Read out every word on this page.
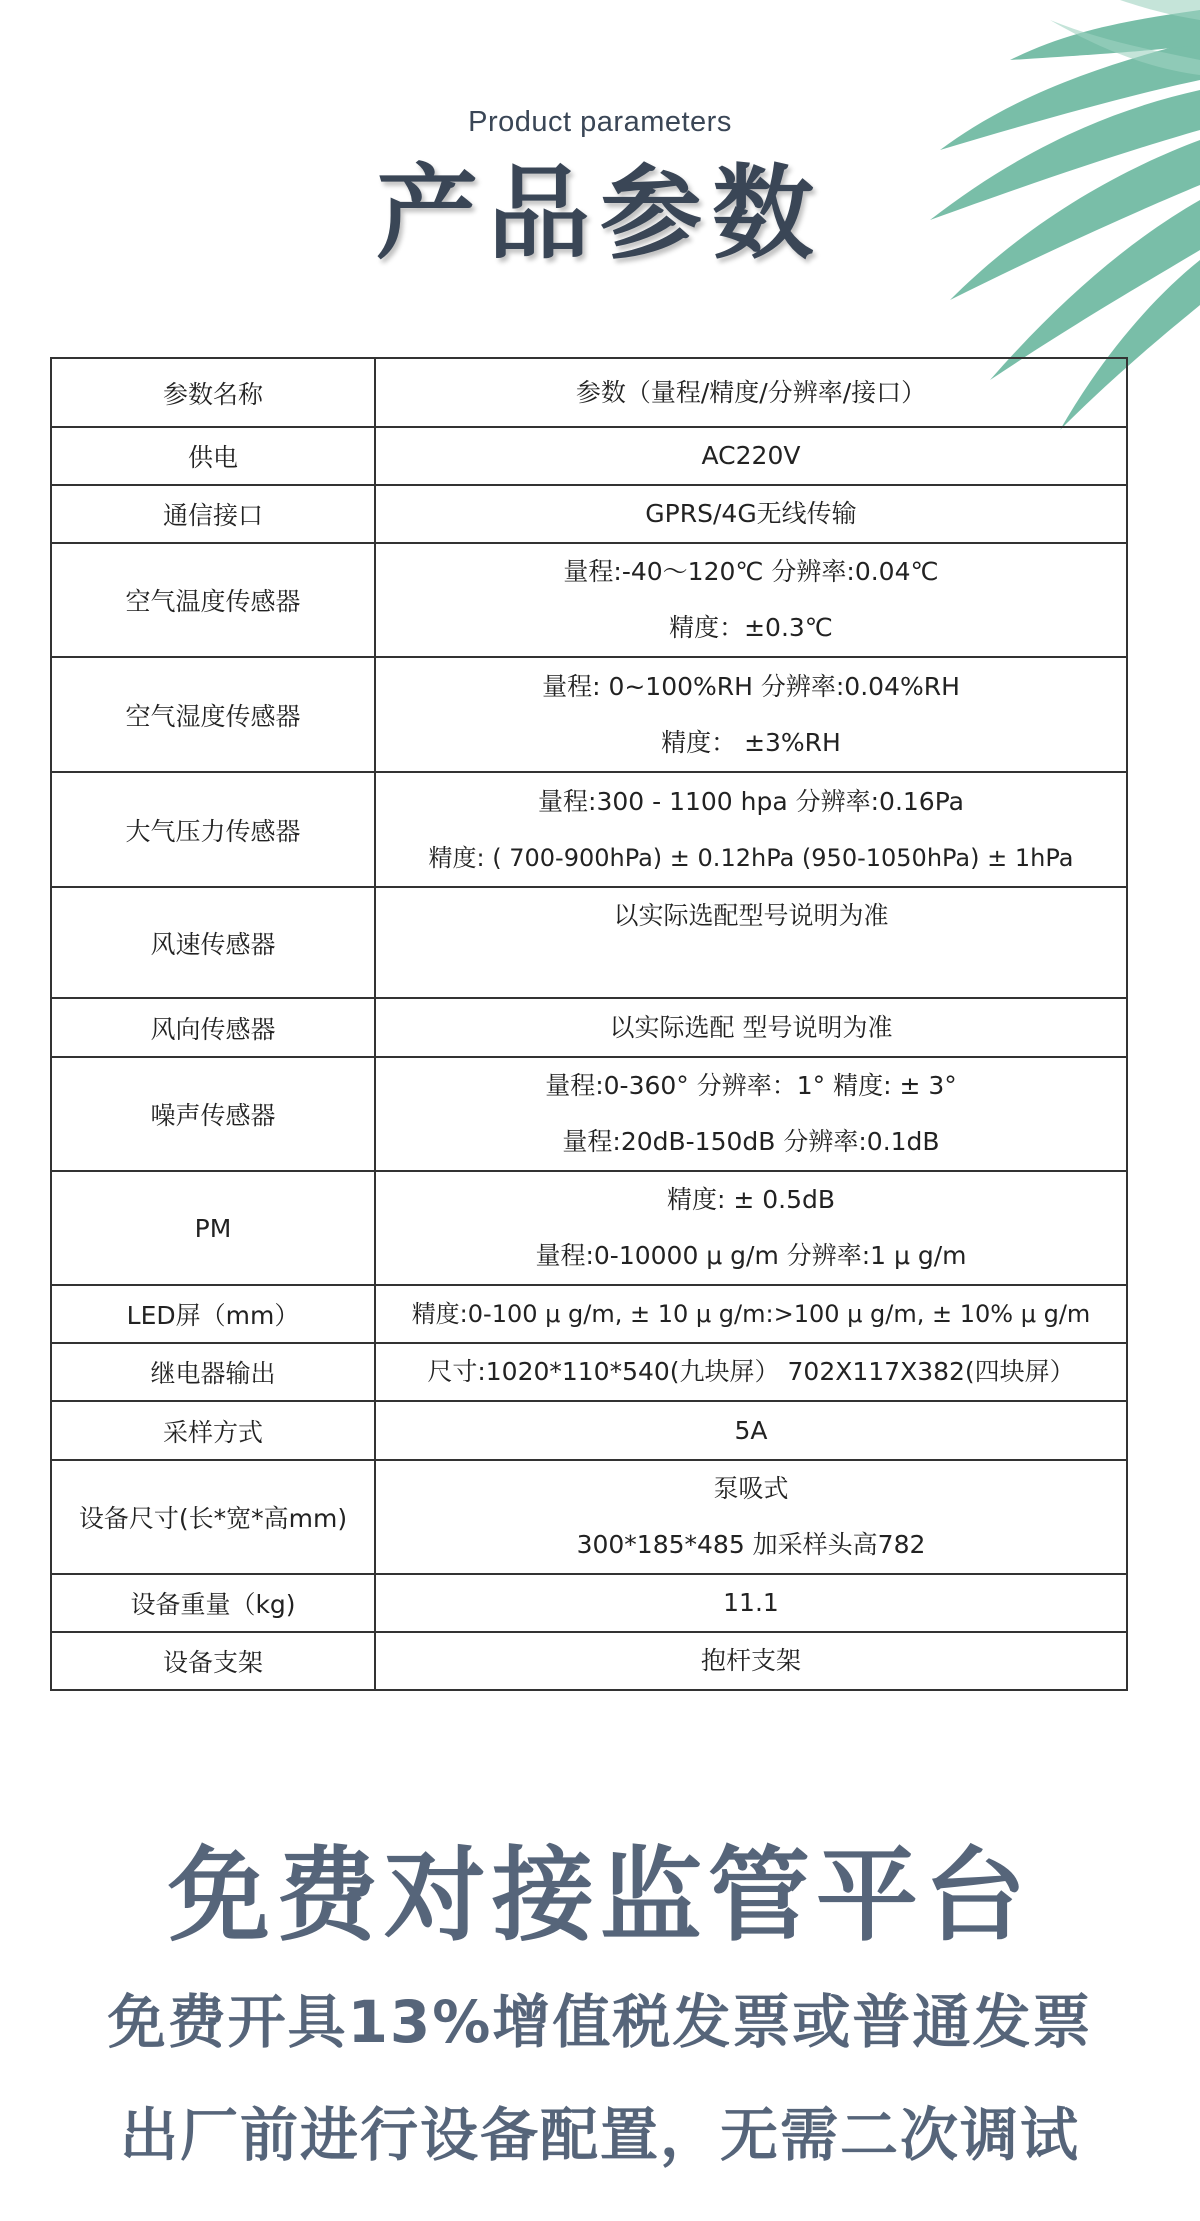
Product parameters
产品参数
参数名称	参数（量程/精度/分辨率/接口）

供电	AC220V

通信接口	GPRS/4G无线传输

空气温度传感器	量程:-40～120℃ 分辨率:0.04℃
精度：±0.3℃

空气湿度传感器	量程: 0~100%RH 分辨率:0.04%RH
精度： ±3%RH

大气压力传感器	量程:300 - 1100 hpa 分辨率:0.16Pa
精度: ( 700-900hPa) ± 0.12hPa (950-1050hPa) ± 1hPa

风速传感器	以实际选配型号说明为准

风向传感器	以实际选配 型号说明为准

噪声传感器	量程:0-360° 分辨率：1° 精度: ± 3°
量程:20dB-150dB 分辨率:0.1dB

PM	精度: ± 0.5dB
量程:0-10000 μ g/m 分辨率:1 μ g/m

LED屏（mm）	精度:0-100 μ g/m, ± 10 μ g/m:>100 μ g/m, ± 10% μ g/m

继电器输出	尺寸:1020*110*540(九块屏） 702X117X382(四块屏）

采样方式	5A

设备尺寸(长*宽*高mm)	泵吸式
300*185*485 加采样头高782

设备重量（kg)	11.1

设备支架	抱杆支架
免费对接监管平台
免费开具13%增值税发票或普通发票
出厂前进行设备配置，无需二次调试
